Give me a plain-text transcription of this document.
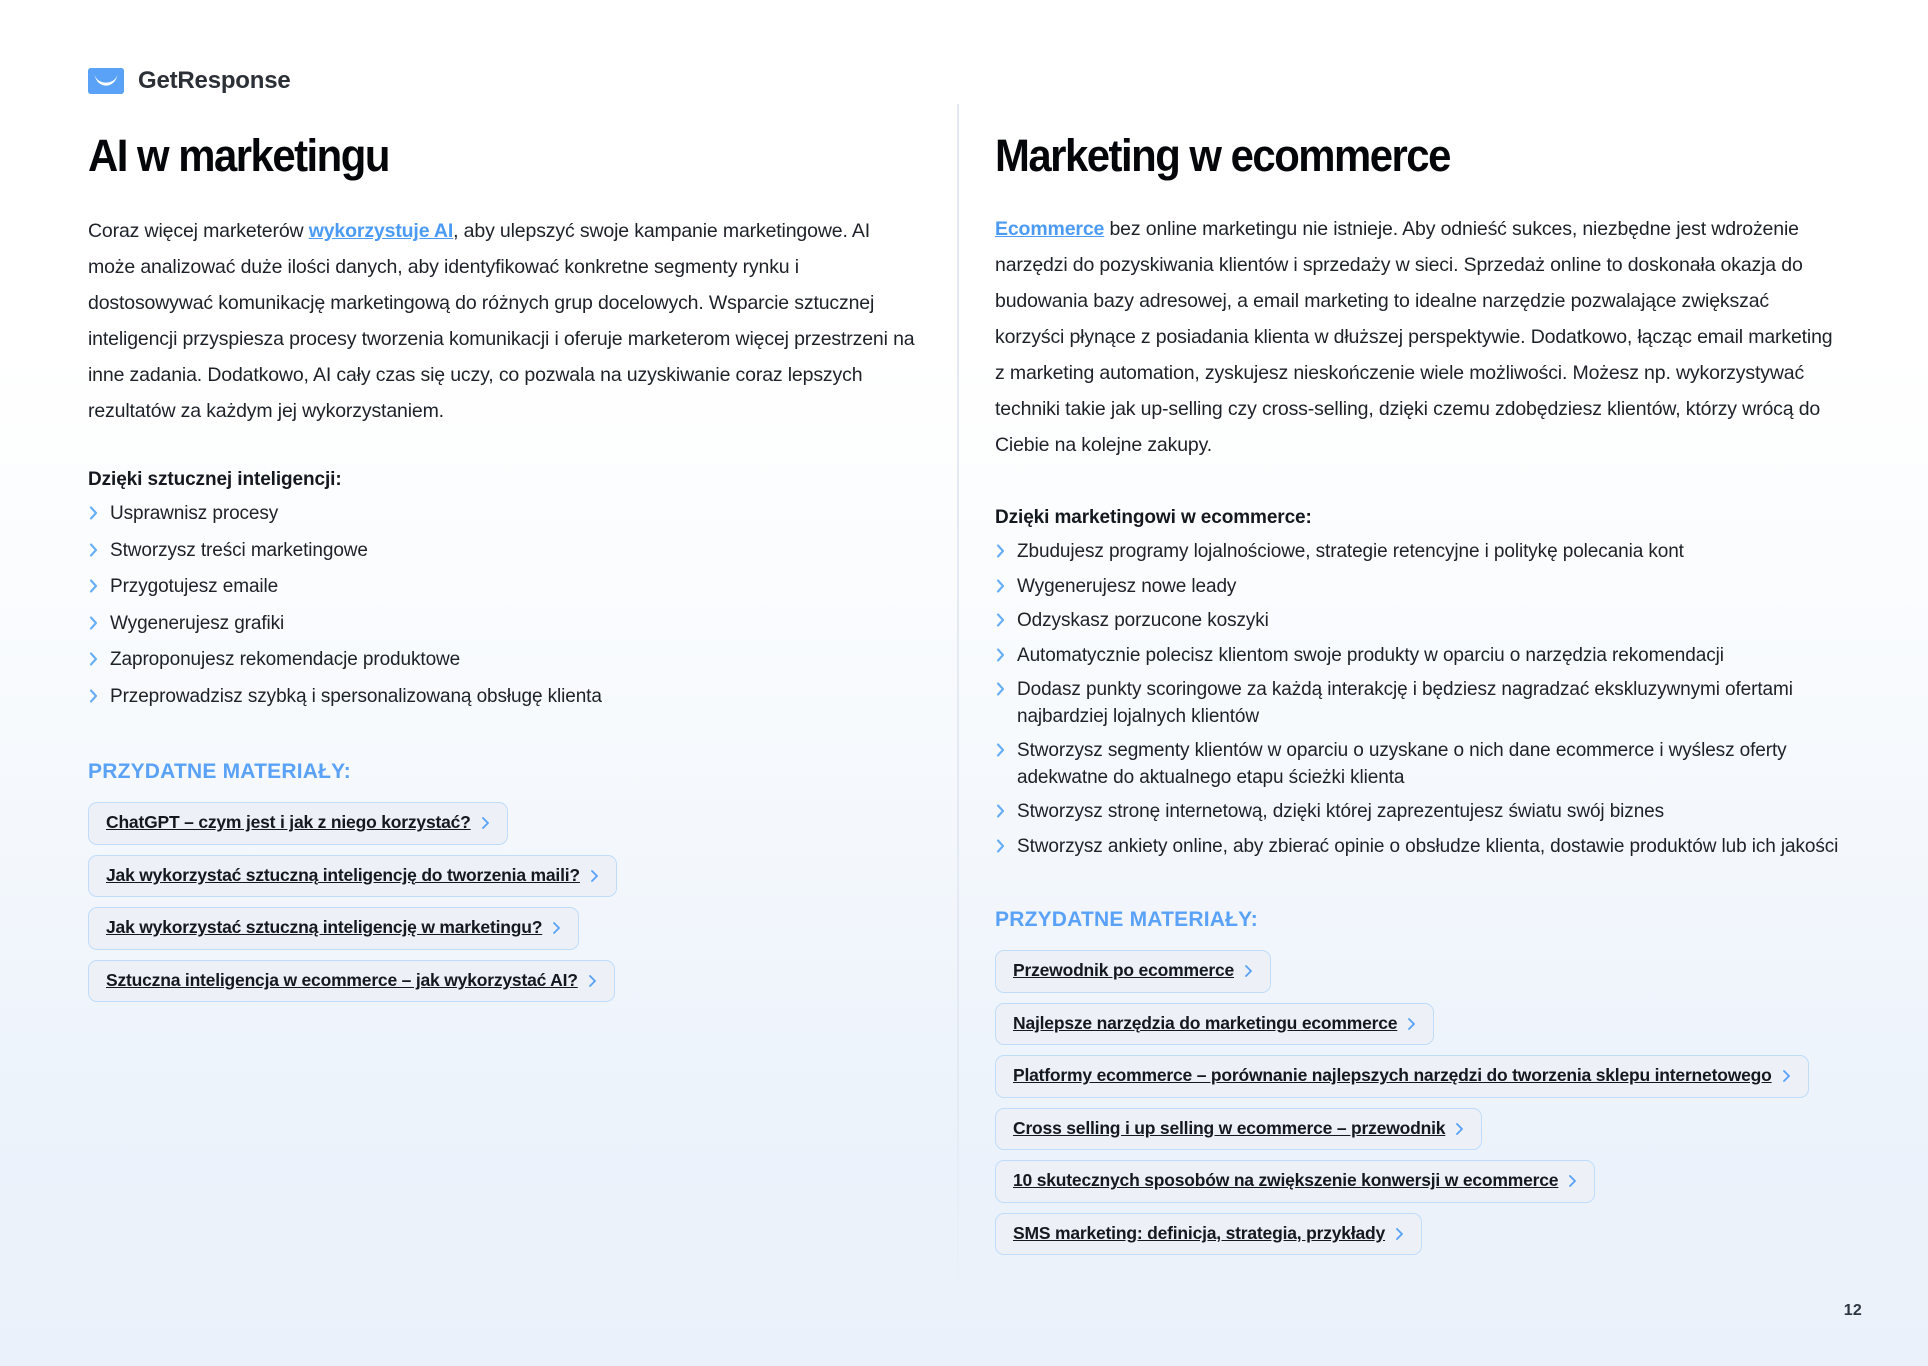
GetResponse
AI w marketingu

Coraz więcej marketerów wykorzystuje AI, aby ulepszyć swoje kampanie marketingowe. AI może analizować duże ilości danych, aby identyfikować konkretne segmenty rynku i dostosowywać komunikację marketingową do różnych grup docelowych. Wsparcie sztucznej inteligencji przyspiesza procesy tworzenia komunikacji i oferuje marketerom więcej przestrzeni na inne zadania. Dodatkowo, AI cały czas się uczy, co pozwala na uzyskiwanie coraz lepszych rezultatów za każdym jej wykorzystaniem.

Dzięki sztucznej inteligencji:
Usprawnisz procesy
Stworzysz treści marketingowe
Przygotujesz emaile
Wygenerujesz grafiki
Zaproponujesz rekomendacje produktowe
Przeprowadzisz szybką i spersonalizowaną obsługę klienta
PRZYDATNE MATERIAŁY:
ChatGPT – czym jest i jak z niego korzystać?
Jak wykorzystać sztuczną inteligencję do tworzenia maili?
Jak wykorzystać sztuczną inteligencję w marketingu?
Sztuczna inteligencja w ecommerce – jak wykorzystać AI?
Marketing w ecommerce

Ecommerce bez online marketingu nie istnieje. Aby odnieść sukces, niezbędne jest wdrożenie narzędzi do pozyskiwania klientów i sprzedaży w sieci. Sprzedaż online to doskonała okazja do budowania bazy adresowej, a email marketing to idealne narzędzie pozwalające zwiększać korzyści płynące z posiadania klienta w dłuższej perspektywie. Dodatkowo, łącząc email marketing z marketing automation, zyskujesz nieskończenie wiele możliwości. Możesz np. wykorzystywać techniki takie jak up-selling czy cross-selling, dzięki czemu zdobędziesz klientów, którzy wrócą do Ciebie na kolejne zakupy.

Dzięki marketingowi w ecommerce:
Zbudujesz programy lojalnościowe, strategie retencyjne i politykę polecania kont
Wygenerujesz nowe leady
Odzyskasz porzucone koszyki
Automatycznie polecisz klientom swoje produkty w oparciu o narzędzia rekomendacji
Dodasz punkty scoringowe za każdą interakcję i będziesz nagradzać ekskluzywnymi ofertami najbardziej lojalnych klientów
Stworzysz segmenty klientów w oparciu o uzyskane o nich dane ecommerce i wyślesz oferty adekwatne do aktualnego etapu ścieżki klienta
Stworzysz stronę internetową, dzięki której zaprezentujesz światu swój biznes
Stworzysz ankiety online, aby zbierać opinie o obsłudze klienta, dostawie produktów lub ich jakości
PRZYDATNE MATERIAŁY:
Przewodnik po ecommerce
Najlepsze narzędzia do marketingu ecommerce
Platformy ecommerce – porównanie najlepszych narzędzi do tworzenia sklepu internetowego
Cross selling i up selling w ecommerce – przewodnik
10 skutecznych sposobów na zwiększenie konwersji w ecommerce
SMS marketing: definicja, strategia, przykłady
12
